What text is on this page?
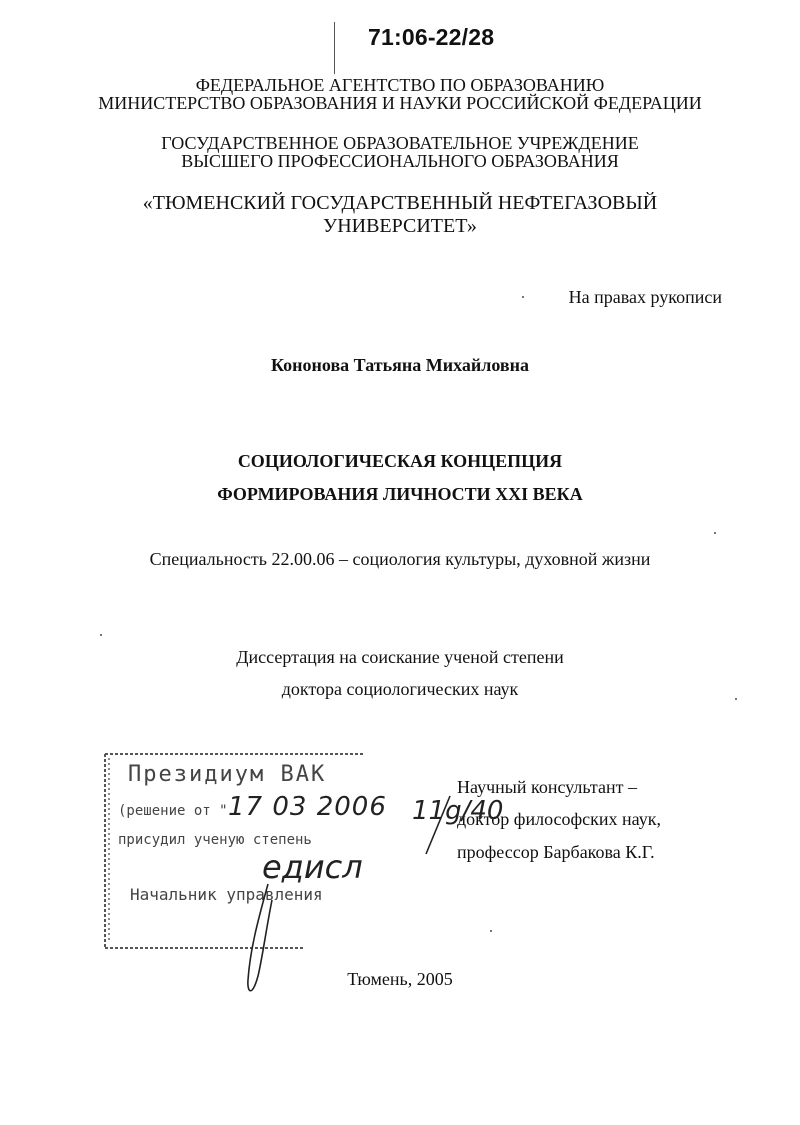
71:06-22/28
ФЕДЕРАЛЬНОЕ АГЕНТСТВО ПО ОБРАЗОВАНИЮ
МИНИСТЕРСТВО ОБРАЗОВАНИЯ И НАУКИ РОССИЙСКОЙ ФЕДЕРАЦИИ
ГОСУДАРСТВЕННОЕ ОБРАЗОВАТЕЛЬНОЕ УЧРЕЖДЕНИЕ
ВЫСШЕГО ПРОФЕССИОНАЛЬНОГО ОБРАЗОВАНИЯ
«ТЮМЕНСКИЙ ГОСУДАРСТВЕННЫЙ НЕФТЕГАЗОВЫЙ
УНИВЕРСИТЕТ»
На правах рукописи
Кононова Татьяна Михайловна
СОЦИОЛОГИЧЕСКАЯ КОНЦЕПЦИЯ
ФОРМИРОВАНИЯ ЛИЧНОСТИ XXI ВЕКА
Специальность 22.00.06 – социология культуры, духовной жизни
Диссертация на соискание ученой степени
доктора социологических наук
Научный консультант –
доктор философских наук,
профессор Барбакова К.Г.
Тюмень, 2005
Президиум ВАК
(решение от "
присудил ученую степень
Начальник управления
17 03 2006 11g/40
едисл
